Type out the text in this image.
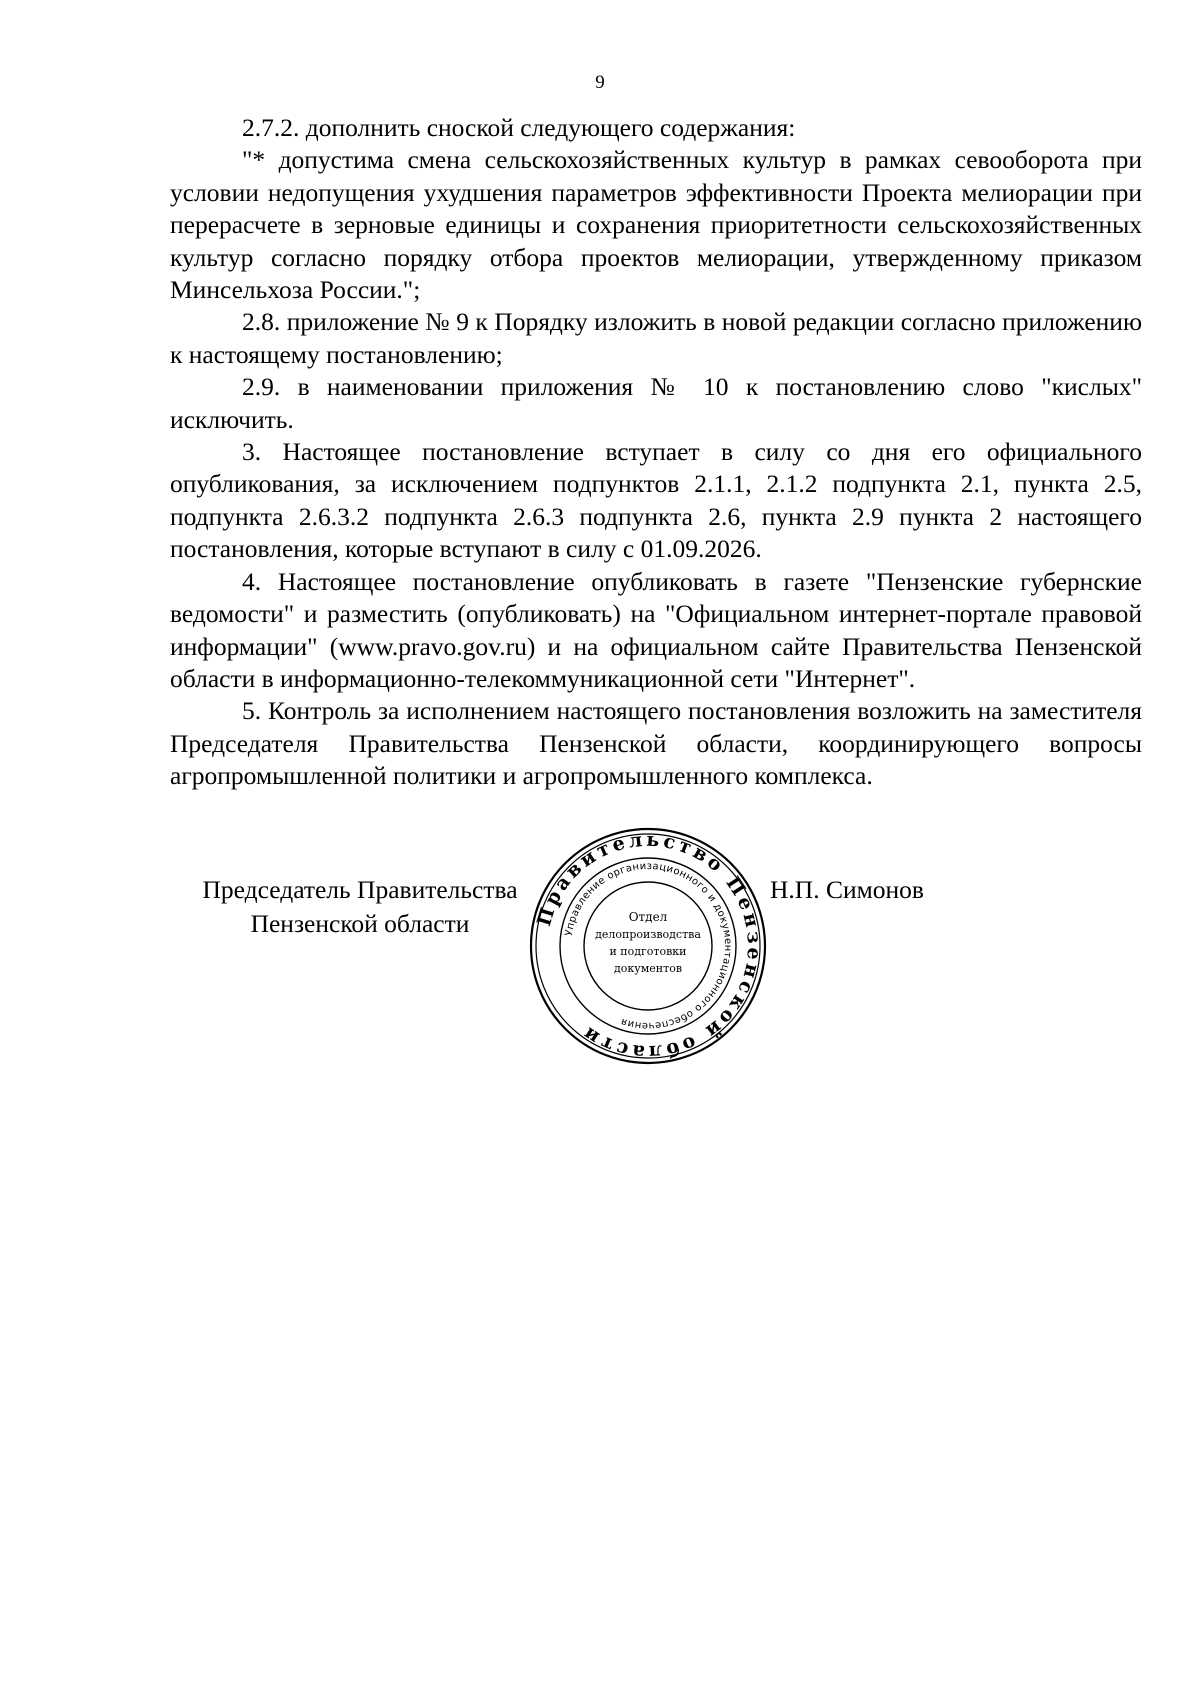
9

2.7.2. дополнить сноской следующего содержания:

"* допустима смена сельскохозяйственных культур в рамках севооборота при условии недопущения ухудшения параметров эффективности Проекта мелиорации при перерасчете в зерновые единицы и сохранения приоритетности сельскохозяйственных культур согласно порядку отбора проектов мелиорации, утвержденному приказом Минсельхоза России.";

2.8. приложение № 9 к Порядку изложить в новой редакции согласно приложению к настоящему постановлению;

2.9. в наименовании приложения № 10 к постановлению слово "кислых" исключить.

3. Настоящее постановление вступает в силу со дня его официального опубликования, за исключением подпунктов 2.1.1, 2.1.2 подпункта 2.1, пункта 2.5, подпункта 2.6.3.2 подпункта 2.6.3 подпункта 2.6, пункта 2.9 пункта 2 настоящего постановления, которые вступают в силу с 01.09.2026.

4. Настоящее постановление опубликовать в газете "Пензенские губернские ведомости" и разместить (опубликовать) на "Официальном интернет-портале правовой информации" (www.pravo.gov.ru) и на официальном сайте Правительства Пензенской области в информационно-телекоммуникационной сети "Интернет".

5. Контроль за исполнением настоящего постановления возложить на заместителя Председателя Правительства Пензенской области, координирующего вопросы агропромышленной политики и агропромышленного комплекса.

Председатель Правительства
Пензенской области
Н.П. Симонов
Правительство Пензенской области
Управление организационного и документационного обеспечения
Отдел
делопроизводства
и подготовки
документов
